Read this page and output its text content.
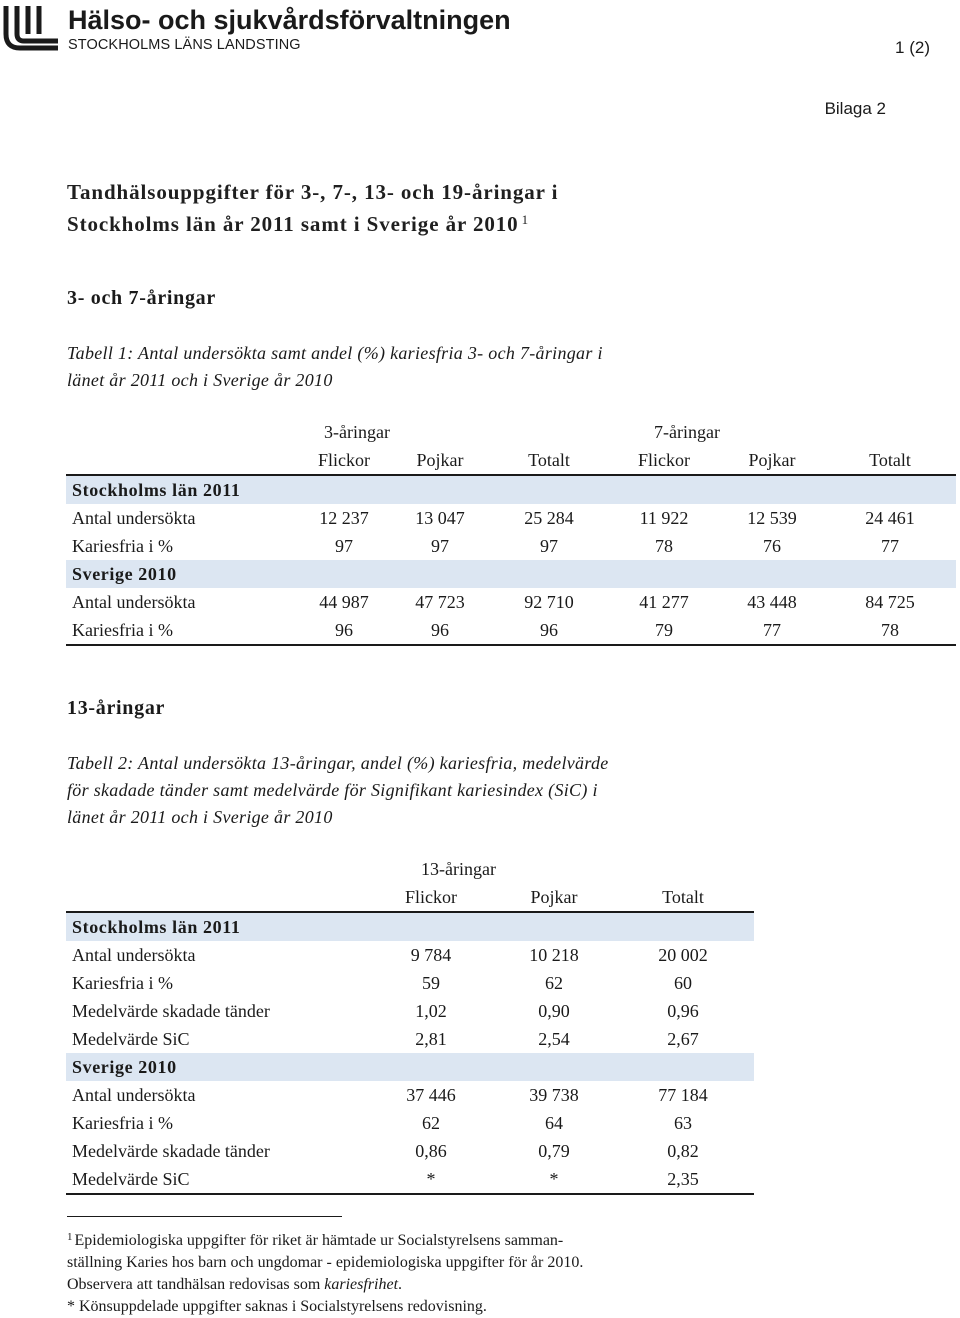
Hälso- och sjukvårdsförvaltningen
STOCKHOLMS LÄNS LANDSTING	1 (2)
Bilaga 2
Tandhälsouppgifter för 3-, 7-, 13- och 19-åringar i
Stockholms län år 2011 samt i Sverige år 2010 $^1$
3- och 7-åringar
Tabell 1: Antal undersökta samt andel (%) kariesfria 3- och 7-åringar i
länet år 2011 och i Sverige år 2010
	3-åringar			7-åringar		
	Flickor	Pojkar	Totalt	Flickor	Pojkar	Totalt
Stockholms län 2011						
Antal undersökta	12 237	13 047	25 284	11 922	12 539	24 461
Kariesfria i %	97	97	97	78	76	77
Sverige 2010						
Antal undersökta	44 987	47 723	92 710	41 277	43 448	84 725
Kariesfria i %	96	96	96	79	77	78
13-åringar
Tabell 2: Antal undersökta 13-åringar, andel (%) kariesfria, medelvärde
för skadade tänder samt medelvärde för Signifikant kariesindex (SiC) i
länet år 2011 och i Sverige år 2010
	13-åringar		
	Flickor	Pojkar	Totalt
Stockholms län 2011			
Antal undersökta	9 784	10 218	20 002
Kariesfria i %	59	62	60
Medelvärde skadade tänder	1,02	0,90	0,96
Medelvärde SiC	2,81	2,54	2,67
Sverige 2010			
Antal undersökta	37 446	39 738	77 184
Kariesfria i %	62	64	63
Medelvärde skadade tänder	0,86	0,79	0,82
Medelvärde SiC	*	*	2,35

$^1$ Epidemiologiska uppgifter för riket är hämtade ur Socialstyrelsens samman-
ställning Karies hos barn och ungdomar - epidemiologiska uppgifter för år 2010.
Observera att tandhälsan redovisas som kariesfrihet.

* Könsuppdelade uppgifter saknas i Socialstyrelsens redovisning.
